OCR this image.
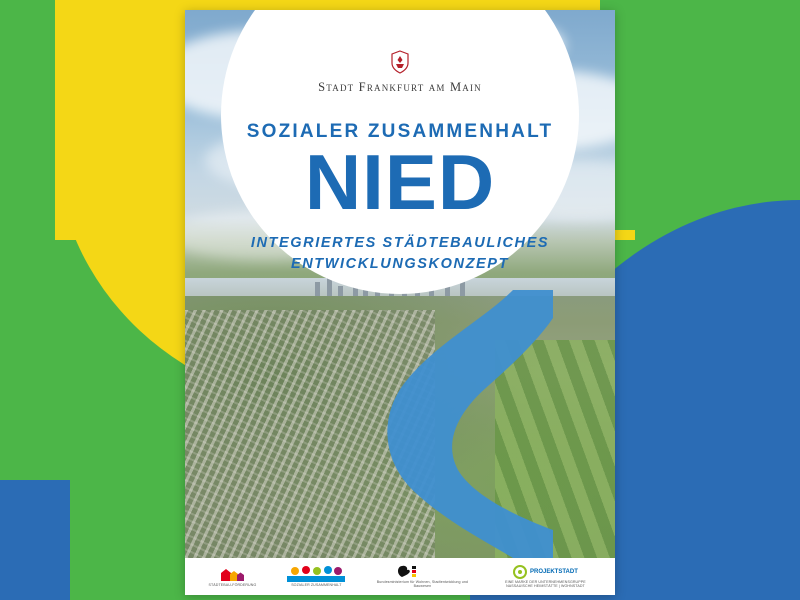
Stadt Frankfurt am Main
SOZIALER ZUSAMMENHALT
NIED
INTEGRIERTES STÄDTEBAULICHES
ENTWICKLUNGSKONZEPT
STÄDTEBAU-FÖRDERUNG	SOZIALER ZUSAMMENHALT
Bundesministerium für Wohnen, Stadtentwicklung und Bauwesen
PROJEKTSTADT
EINE MARKE DER UNTERNEHMENSGRUPPE NASSAUISCHE HEIMSTÄTTE | WOHNSTADT
